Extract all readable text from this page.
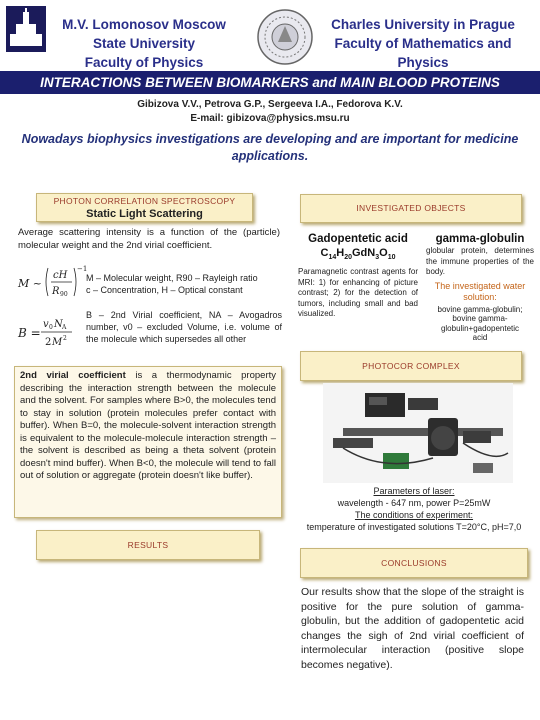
M.V. Lomonosov Moscow
State University
Faculty of Physics
Charles University in Prague
Faculty of Mathematics and
Physics
INTERACTIONS BETWEEN BIOMARKERS and MAIN BLOOD PROTEINS
Gibizova V.V., Petrova G.P., Sergeeva I.A., Fedorova K.V.
E-mail: gibizova@physics.msu.ru
Nowadays biophysics investigations are developing and are important for medicine applications.
PHOTON CORRELATION SPECTROSCOPY
Static Light Scattering
Average scattering intensity is a function of the (particle) molecular weight and the 2nd virial coefficient.
M ~
cH
R 90
−1
M – Molecular weight, R90 – Rayleigh ratio
c – Concentration, H – Optical constant
B =
v 0 N A
2 M 2
B – 2nd Virial coefficient, NA – Avogadros number, v0 – excluded Volume, i.e. volume of the molecule which supersedes all other
2nd virial coefficient is a thermodynamic property describing the interaction strength between the molecule and the solvent. For samples where B>0, the molecules tend to stay in solution (protein molecules prefer contact with buffer). When B=0, the molecule-solvent interaction strength is equivalent to the molecule-molecule interaction strength – the solvent is described as being a theta solvent (protein doesn't mind buffer). When B<0, the molecule will tend to fall out of solution or aggregate (protein doesn't like buffer).
RESULTS
INVESTIGATED OBJECTS
Gadopentetic acid
$C_{14}H_{20}GdN_3O_{10}$
Paramagnetic contrast agents for MRI: 1) for enhancing of picture contrast; 2) for the detection of tumors, including small and bad visualized.
gamma-globulin
globular protein, determines the immune properties of the body.
The investigated water solution:
bovine gamma-globulin;
bovine gamma-
globulin+gadopentetic
acid
PHOTOCOR COMPLEX
Parameters of laser:
wavelength - 647 nm, power P=25mW
The conditions of experiment:
temperature of investigated solutions T=20°C, pH=7,0
CONCLUSIONS
Our results show that the slope of the straight is positive for the pure solution of gamma-globulin, but the addition of gadopentetic acid changes the sigh of 2nd virial coefficient of intermolecular interaction (positive slope becomes negative).
